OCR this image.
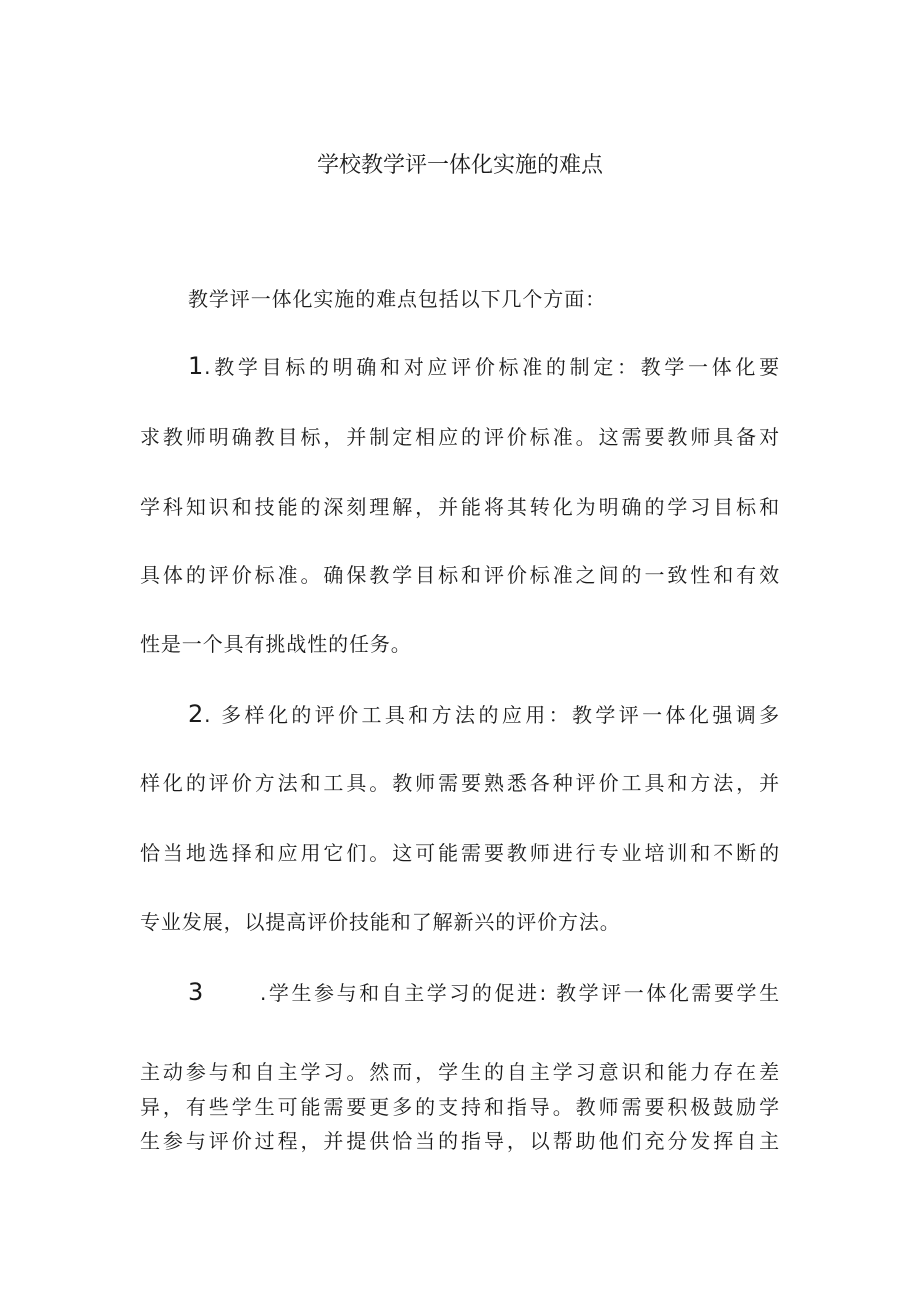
学校教学评一体化实施的难点
教学评一体化实施的难点包括以下几个方面：
1.教学目标的明确和对应评价标准的制定：教学一体化要
求教师明确教目标，并制定相应的评价标准。这需要教师具备对
学科知识和技能的深刻理解，并能将其转化为明确的学习目标和
具体的评价标准。确保教学目标和评价标准之间的一致性和有效
性是一个具有挑战性的任务。
2. 多样化的评价工具和方法的应用：教学评一体化强调多
样化的评价方法和工具。教师需要熟悉各种评价工具和方法，并
恰当地选择和应用它们。这可能需要教师进行专业培训和不断的
专业发展，以提高评价技能和了解新兴的评价方法。
3	.学生参与和自主学习的促进: 教学评一体化需要学生
主动参与和自主学习。然而，学生的自主学习意识和能力存在差
异，有些学生可能需要更多的支持和指导。教师需要积极鼓励学
生参与评价过程，并提供恰当的指导，以帮助他们充分发挥自主
